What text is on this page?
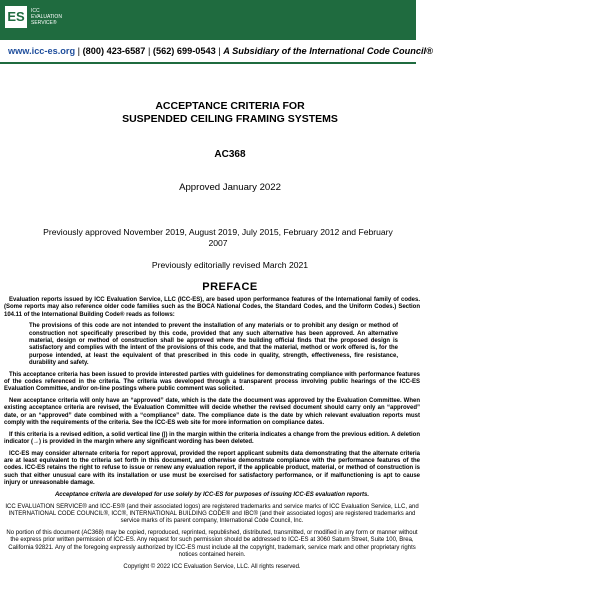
ES	ICC
EVALUATION
SERVICE®
www.icc-es.org | (800) 423-6587 | (562) 699-0543 | A Subsidiary of the International Code Council®
ACCEPTANCE CRITERIA FOR
SUSPENDED CEILING FRAMING SYSTEMS
AC368
Approved January 2022
Previously approved November 2019, August 2019, July 2015, February 2012 and February 2007
Previously editorially revised March 2021
PREFACE

Evaluation reports issued by ICC Evaluation Service, LLC (ICC-ES), are based upon performance features of the International family of codes. (Some reports may also reference older code families such as the BOCA National Codes, the Standard Codes, and the Uniform Codes.) Section 104.11 of the International Building Code® reads as follows:

The provisions of this code are not intended to prevent the installation of any materials or to prohibit any design or method of construction not specifically prescribed by this code, provided that any such alternative has been approved. An alternative material, design or method of construction shall be approved where the building official finds that the proposed design is satisfactory and complies with the intent of the provisions of this code, and that the material, method or work offered is, for the purpose intended, at least the equivalent of that prescribed in this code in quality, strength, effectiveness, fire resistance, durability and safety.

This acceptance criteria has been issued to provide interested parties with guidelines for demonstrating compliance with performance features of the codes referenced in the criteria. The criteria was developed through a transparent process involving public hearings of the ICC-ES Evaluation Committee, and/or on-line postings where public comment was solicited.

New acceptance criteria will only have an “approved” date, which is the date the document was approved by the Evaluation Committee. When existing acceptance criteria are revised, the Evaluation Committee will decide whether the revised document should carry only an “approved” date, or an “approved” date combined with a “compliance” date. The compliance date is the date by which relevant evaluation reports must comply with the requirements of the criteria. See the ICC-ES web site for more information on compliance dates.

If this criteria is a revised edition, a solid vertical line (|) in the margin within the criteria indicates a change from the previous edition. A deletion indicator (→) is provided in the margin where any significant wording has been deleted.

ICC-ES may consider alternate criteria for report approval, provided the report applicant submits data demonstrating that the alternate criteria are at least equivalent to the criteria set forth in this document, and otherwise demonstrate compliance with the performance features of the codes. ICC-ES retains the right to refuse to issue or renew any evaluation report, if the applicable product, material, or method of construction is such that either unusual care with its installation or use must be exercised for satisfactory performance, or if malfunctioning is apt to cause injury or unreasonable damage.

Acceptance criteria are developed for use solely by ICC-ES for purposes of issuing ICC-ES evaluation reports.

ICC EVALUATION SERVICE® and ICC-ES® (and their associated logos) are registered trademarks and service marks of ICC Evaluation Service, LLC, and INTERNATIONAL CODE COUNCIL®, ICC®, INTERNATIONAL BUILDING CODE® and IBC® (and their associated logos) are registered trademarks and service marks of its parent company, International Code Council, Inc.

No portion of this document (AC368) may be copied, reproduced, reprinted, republished, distributed, transmitted, or modified in any form or manner without the express prior written permission of ICC-ES. Any request for such permission should be addressed to ICC-ES at 3060 Saturn Street, Suite 100, Brea, California 92821. Any of the foregoing expressly authorized by ICC-ES must include all the copyright, trademark, service mark and other proprietary rights notices contained herein.

Copyright © 2022 ICC Evaluation Service, LLC. All rights reserved.
